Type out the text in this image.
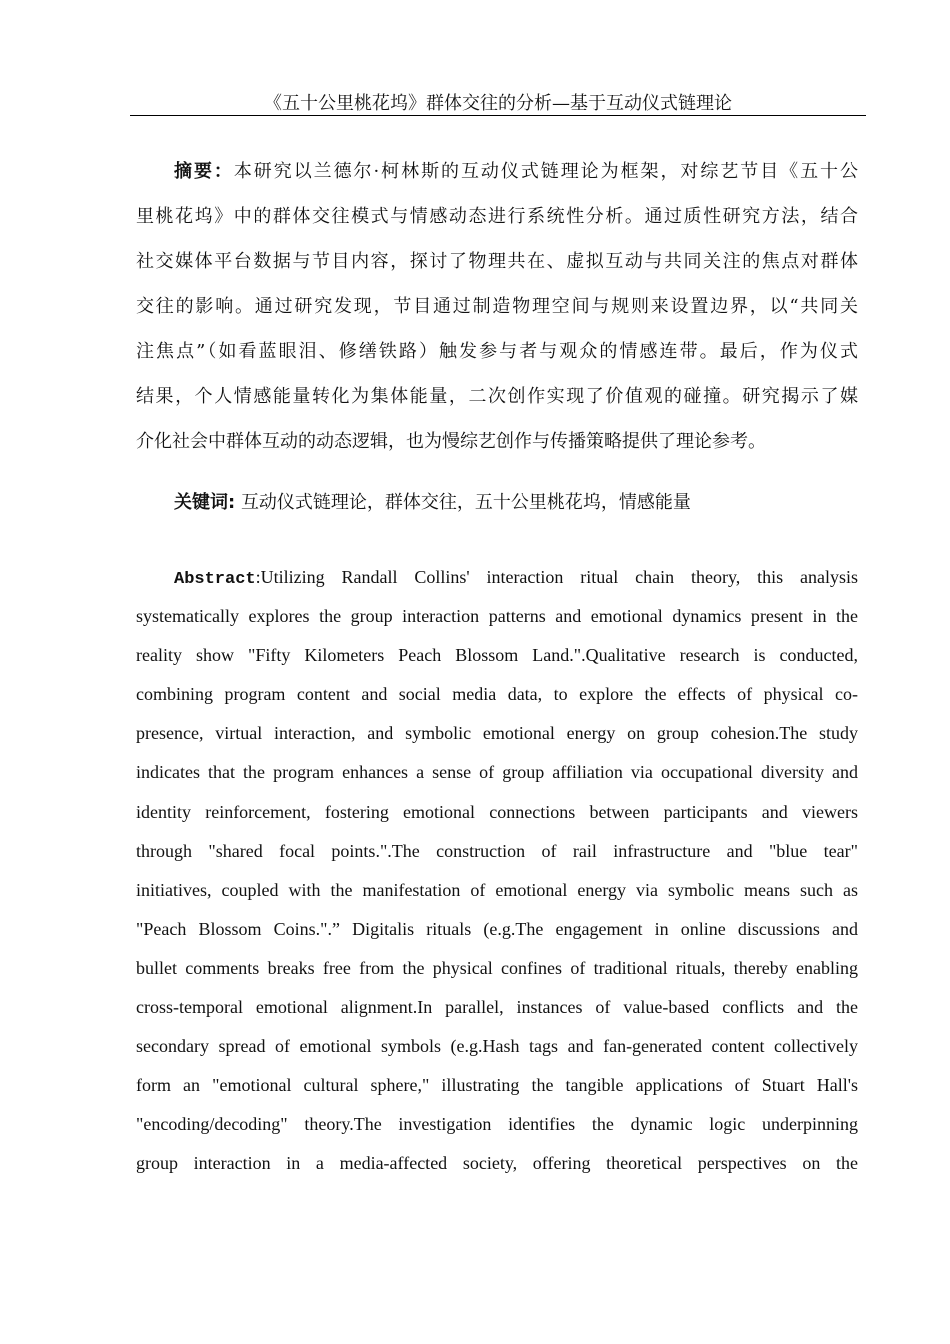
《五十公里桃花坞》群体交往的分析—基于互动仪式链理论
摘要：本研究以兰德尔·柯林斯的互动仪式链理论为框架，对综艺节目《五十公
里桃花坞》中的群体交往模式与情感动态进行系统性分析。通过质性研究方法，结合
社交媒体平台数据与节目内容，探讨了物理共在、虚拟互动与共同关注的焦点对群体
交往的影响。通过研究发现，节目通过制造物理空间与规则来设置边界，以“共同关
注焦点”（如看蓝眼泪、修缮铁路）触发参与者与观众的情感连带。最后，作为仪式
结果，个人情感能量转化为集体能量，二次创作实现了价值观的碰撞。研究揭示了媒
介化社会中群体互动的动态逻辑，也为慢综艺创作与传播策略提供了理论参考。
关键词: 互动仪式链理论，群体交往，五十公里桃花坞，情感能量
Abstract:Utilizing Randall Collins' interaction ritual chain theory, this analysis
systematically explores the group interaction patterns and emotional dynamics present in the
reality show "Fifty Kilometers Peach Blossom Land.".Qualitative research is conducted,
combining program content and social media data, to explore the effects of physical co-
presence, virtual interaction, and symbolic emotional energy on group cohesion.The study
indicates that the program enhances a sense of group affiliation via occupational diversity and
identity reinforcement, fostering emotional connections between participants and viewers
through "shared focal points.".The construction of rail infrastructure and "blue tear"
initiatives, coupled with the manifestation of emotional energy via symbolic means such as
"Peach Blossom Coins.".” Digitalis rituals (e.g.The engagement in online discussions and
bullet comments breaks free from the physical confines of traditional rituals, thereby enabling
cross-temporal emotional alignment.In parallel, instances of value-based conflicts and the
secondary spread of emotional symbols (e.g.Hash tags and fan-generated content collectively
form an "emotional cultural sphere," illustrating the tangible applications of Stuart Hall's
"encoding/decoding" theory.The investigation identifies the dynamic logic underpinning
group interaction in a media-affected society, offering theoretical perspectives on the
